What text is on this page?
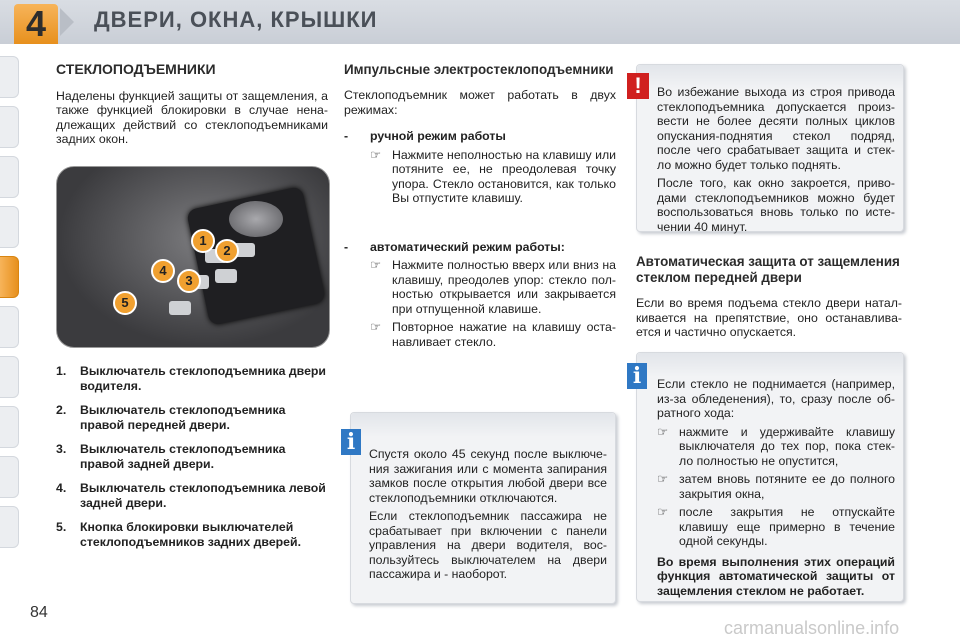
4	ДВЕРИ, ОКНА, КРЫШКИ
СТЕКЛОПОДЪЕМНИКИ

Наделены функцией защиты от защемления, а также функцией блокировки в случае нена-длежащих действий со стеклоподъемниками задних окон.

1
2
3
4
5
1.	Выключатель стеклоподъемника двери водителя.
2.	Выключатель стеклоподъемника правой передней двери.
3.	Выключатель стеклоподъемника правой задней двери.
4.	Выключатель стеклоподъемника левой задней двери.
5.	Кнопка блокировки выключателей стеклоподъемников задних дверей.
Импульсные электростеклоподъемники

Стеклоподъемник может работать в двух режимах:

-	ручной режим работы
☞ Нажмите неполностью на клавишу или потяните ее, не преодолевая точку упора. Стекло остановится, как только Вы отпустите клавишу.

-	автоматический режим работы:
☞ Нажмите полностью вверх или вниз на клавишу, преодолев упор: стекло пол-ностью открывается или закрывается при отпущенной клавише.

☞ Повторное нажатие на клавишу оста-навливает стекло.

i	Спустя около 45 секунд после выключе-ния зажигания или с момента запирания замков после открытия любой двери все стеклоподъемники отключаются.

Если стеклоподъемник пассажира не срабатывает при включении с панели управления на двери водителя, вос-пользуйтесь выключателем на двери пассажира и - наоборот.

!	Во избежание выхода из строя привода стеклоподъемника допускается произ-вести не более десяти полных циклов опускания-поднятия стекол подряд, после чего срабатывает защита и стек-ло можно будет только поднять.

После того, как окно закроется, приво-дами стеклоподъемников можно будет воспользоваться вновь только по исте-чении 40 минут.

Автоматическая защита от защемления стеклом передней двери

Если во время подъема стекло двери натал-кивается на препятствие, оно останавлива-ется и частично опускается.

i	Если стекло не поднимается (например, из-за обледенения), то, сразу после об-ратного хода:

☞ нажмите и удерживайте клавишу выключателя до тех пор, пока стек-ло полностью не опустится,

☞ затем вновь потяните ее до полного закрытия окна,

☞ после закрытия не отпускайте клавишу еще примерно в течение одной секунды.

Во время выполнения этих операций функция автоматической защиты от защемления стеклом не работает.

84
carmanualsonline.info
